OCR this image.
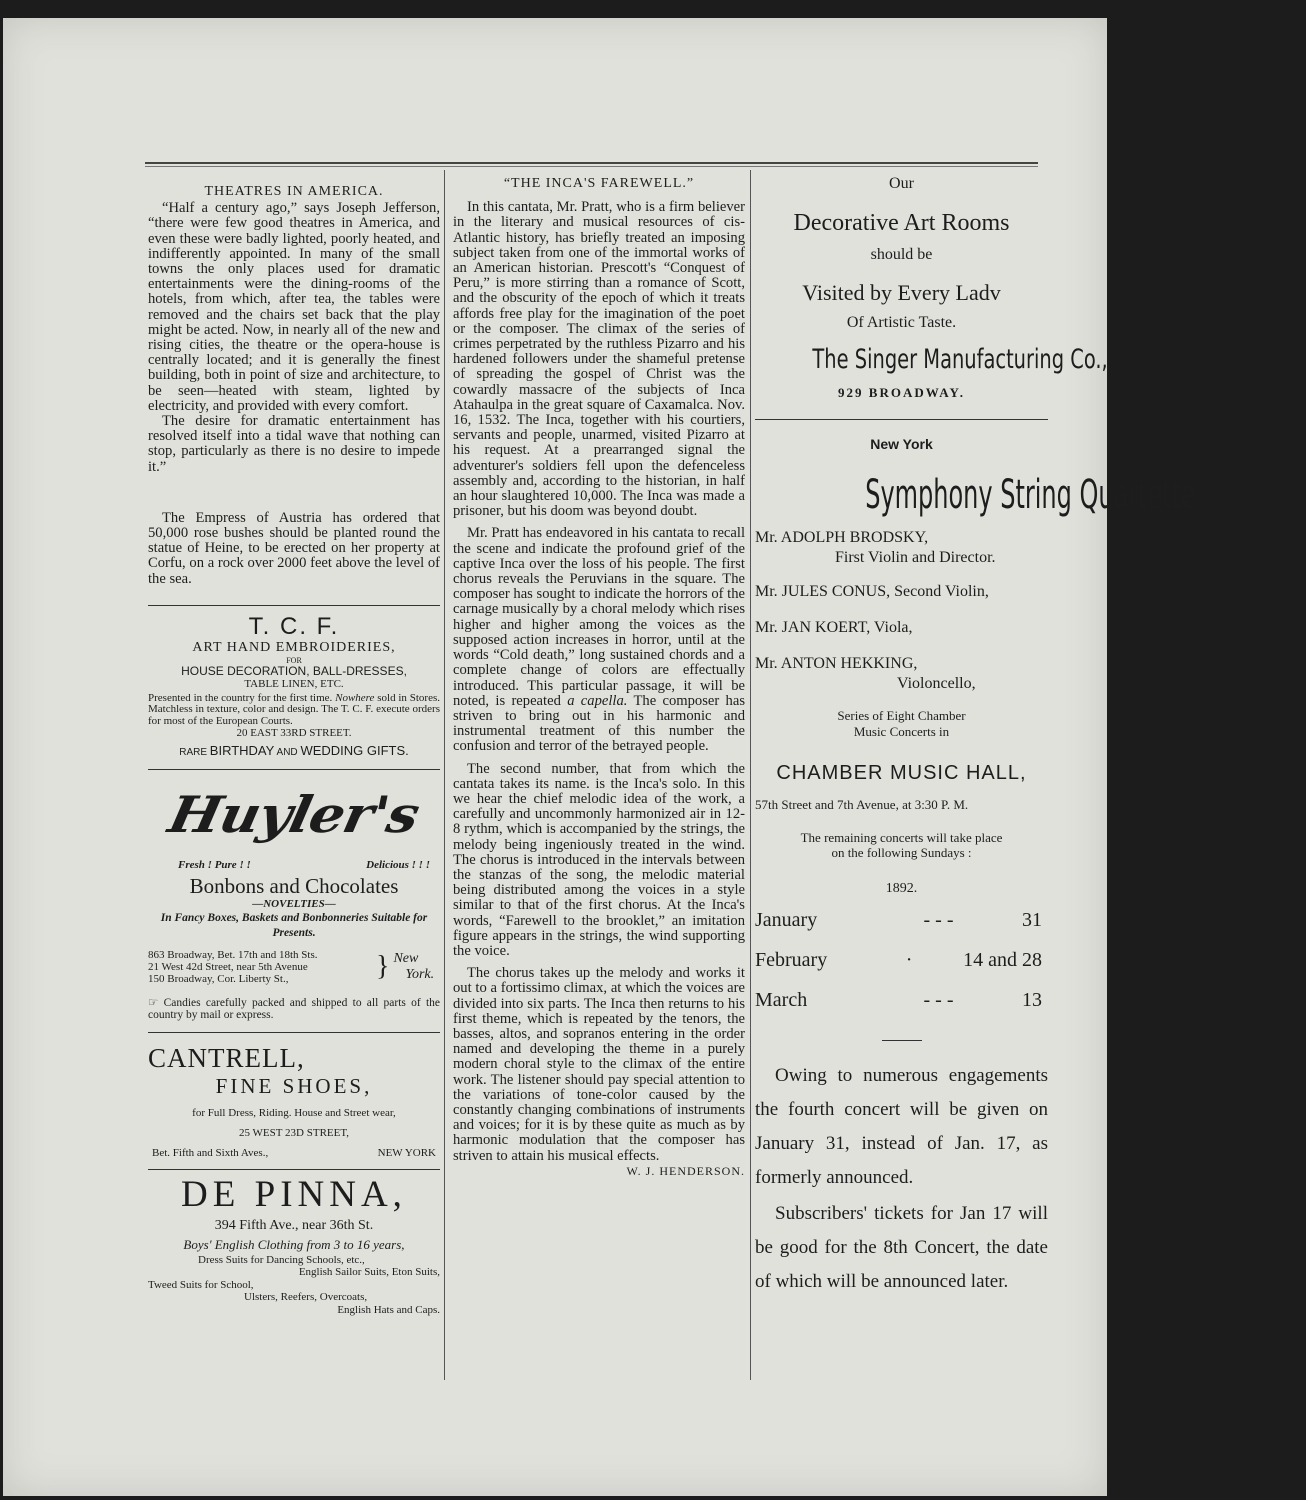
THEATRES IN AMERICA.

“Half a century ago,” says Joseph Jefferson, “there were few good theatres in America, and even these were badly lighted, poorly heated, and indifferently appointed. In many of the small towns the only places used for dramatic entertainments were the dining-rooms of the hotels, from which, after tea, the tables were removed and the chairs set back that the play might be acted. Now, in nearly all of the new and rising cities, the theatre or the opera-house is centrally located; and it is generally the finest building, both in point of size and architecture, to be seen—heated with steam, lighted by electricity, and provided with every comfort.

The desire for dramatic entertainment has resolved itself into a tidal wave that nothing can stop, particularly as there is no desire to impede it.”

The Empress of Austria has ordered that 50,000 rose bushes should be planted round the statue of Heine, to be erected on her property at Corfu, on a rock over 2000 feet above the level of the sea.

T. C. F.
ART HAND EMBROIDERIES,
FOR
HOUSE DECORATION, BALL-DRESSES,
TABLE LINEN, ETC.

Presented in the country for the first time. Nowhere sold in Stores. Matchless in texture, color and design. The T. C. F. execute orders for most of the European Courts.

20 EAST 33RD STREET.
RARE BIRTHDAY AND WEDDING GIFTS.
Huyler's
Fresh ! Pure ! !	Delicious ! ! !
Bonbons and Chocolates
—NOVELTIES—
In Fancy Boxes, Baskets and Bonbonneries Suitable for Presents.
863 Broadway, Bet. 17th and 18th Sts.
21 West 42d Street, near 5th Avenue
150 Broadway, Cor. Liberty St.,	} New
York.

☞ Candies carefully packed and shipped to all parts of the country by mail or express.

CANTRELL,
FINE SHOES,
for Full Dress, Riding. House and Street wear,
25 WEST 23D STREET,
Bet. Fifth and Sixth Aves.,	NEW YORK
DE PINNA,
394 Fifth Ave., near 36th St.
Boys' English Clothing from 3 to 16 years,
Dress Suits for Dancing Schools, etc.,
English Sailor Suits, Eton Suits,
Tweed Suits for School,
Ulsters, Reefers, Overcoats,
English Hats and Caps.
“THE INCA'S FAREWELL.”

In this cantata, Mr. Pratt, who is a firm believer in the literary and musical resources of cis-Atlantic history, has briefly treated an imposing subject taken from one of the immortal works of an American historian. Prescott's “Conquest of Peru,” is more stirring than a romance of Scott, and the obscurity of the epoch of which it treats affords free play for the imagination of the poet or the composer. The climax of the series of crimes perpetrated by the ruthless Pizarro and his hardened followers under the shameful pretense of spreading the gospel of Christ was the cowardly massacre of the subjects of Inca Atahaulpa in the great square of Caxamalca. Nov. 16, 1532. The Inca, together with his courtiers, servants and people, unarmed, visited Pizarro at his request. At a prearranged signal the adventurer's soldiers fell upon the defenceless assembly and, according to the historian, in half an hour slaughtered 10,000. The Inca was made a prisoner, but his doom was beyond doubt.

Mr. Pratt has endeavored in his cantata to recall the scene and indicate the profound grief of the captive Inca over the loss of his people. The first chorus reveals the Peruvians in the square. The composer has sought to indicate the horrors of the carnage musically by a choral melody which rises higher and higher among the voices as the supposed action increases in horror, until at the words “Cold death,” long sustained chords and a complete change of colors are effectually introduced. This particular passage, it will be noted, is repeated a capella. The composer has striven to bring out in his harmonic and instrumental treatment of this number the confusion and terror of the betrayed people.

The second number, that from which the cantata takes its name. is the Inca's solo. In this we hear the chief melodic idea of the work, a carefully and uncommonly harmonized air in 12-8 rythm, which is accompanied by the strings, the melody being ingeniously treated in the wind. The chorus is introduced in the intervals between the stanzas of the song, the melodic material being distributed among the voices in a style similar to that of the first chorus. At the Inca's words, “Farewell to the brooklet,” an imitation figure appears in the strings, the wind supporting the voice.

The chorus takes up the melody and works it out to a fortissimo climax, at which the voices are divided into six parts. The Inca then returns to his first theme, which is repeated by the tenors, the basses, altos, and sopranos entering in the order named and developing the theme in a purely modern choral style to the climax of the entire work. The listener should pay special attention to the variations of tone-color caused by the constantly changing combinations of instruments and voices; for it is by these quite as much as by harmonic modulation that the composer has striven to attain his musical effects.

W. J. HENDERSON.
Our
Decorative Art Rooms
should be
Visited by Every Ladv
Of Artistic Taste.
The Singer Manufacturing Co.,
929 BROADWAY.
New York
Symphony String Quartette
Mr. ADOLPH BRODSKY,
First Violin and Director.
Mr. JULES CONUS, Second Violin,
Mr. JAN KOERT, Viola,
Mr. ANTON HEKKING,
Violoncello,
Series of Eight Chamber
Music Concerts in
CHAMBER MUSIC HALL,
57th Street and 7th Avenue, at 3:30 P. M.
The remaining concerts will take place
on the following Sundays :
1892.
January	- - -	31
February	·	14 and 28
March	- - -	13

Owing to numerous engagements the fourth concert will be given on January 31, instead of Jan. 17, as formerly announced.

Subscribers' tickets for Jan 17 will be good for the 8th Concert, the date of which will be announced later.
